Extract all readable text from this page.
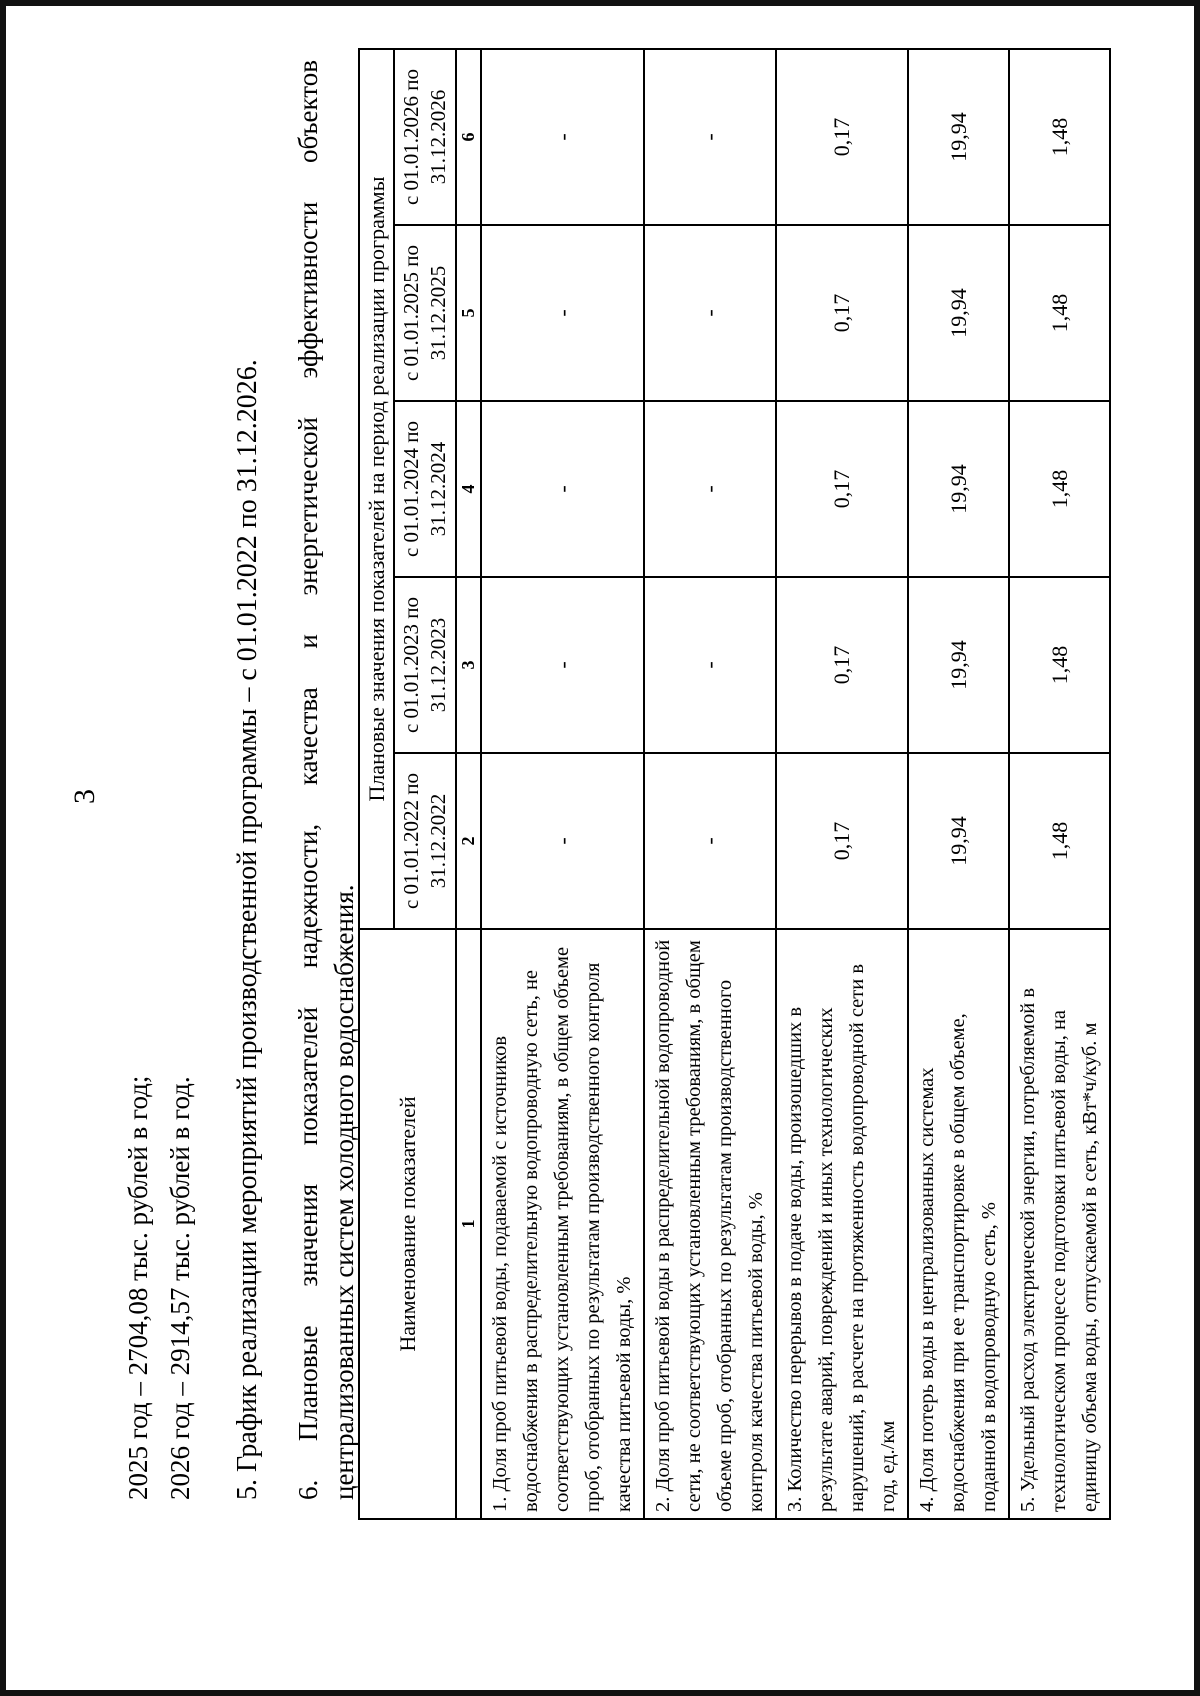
3
2025 год – 2704,08 тыс. рублей в год; 2026 год – 2914,57 тыс. рублей в год. 5. График реализации мероприятий производственной программы – с 01.01.2022 по 31.12.2026. 6.
Плановые
значения
показателей
надежности,
качества
и
энергетической
эффективности
объектов
централизованных систем холодного водоснабжения. Наименование показателей	Плановые значения показателей на период реализации программы				
	с 01.01.2022 по 31.12.2022	с 01.01.2023 по 31.12.2023	с 01.01.2024 по 31.12.2024	с 01.01.2025 по 31.12.2025	с 01.01.2026 по 31.12.2026
1	2	3	4	5	6
1. Доля проб питьевой воды, подаваемой с источников водоснабжения в распределительную водопроводную сеть, не соответствующих установленным требованиям, в общем объеме проб, отобранных по результатам производственного контроля качества питьевой воды, %	-	-	-	-	-
2. Доля проб питьевой воды в распределительной водопроводной сети, не соответствующих установленным требованиям, в общем объеме проб, отобранных по результатам производственного контроля качества питьевой воды, %	-	-	-	-	-
3. Количество перерывов в подаче воды, произошедших в результате аварий, повреждений и иных технологических нарушений, в расчете на протяженность водопроводной сети в год, ед./км	0,17	0,17	0,17	0,17	0,17
4. Доля потерь воды в централизованных системах водоснабжения при ее транспортировке в общем объеме, поданной в водопроводную сеть, %	19,94	19,94	19,94	19,94	19,94
5. Удельный расход электрической энергии, потребляемой в технологическом процессе подготовки питьевой воды, на единицу объема воды, отпускаемой в сеть, кВт*ч/куб. м	1,48	1,48	1,48	1,48	1,48
